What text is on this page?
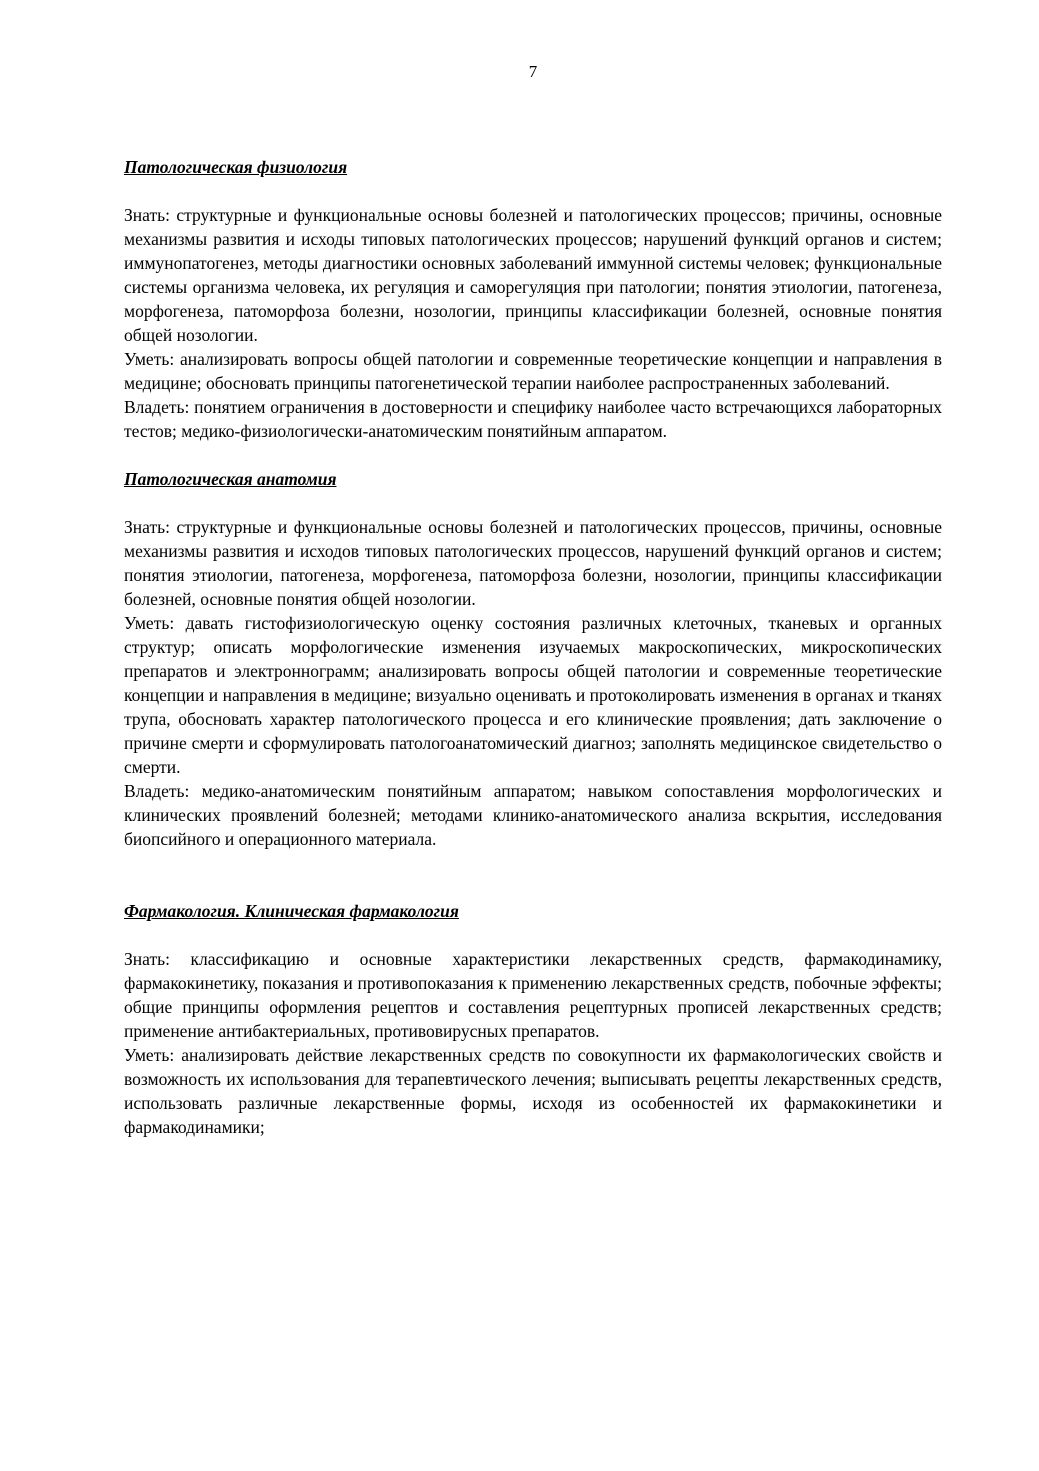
7
Патологическая физиология

Знать: структурные и функциональные основы болезней и патологических процессов; причины, основные механизмы развития и исходы типовых патологических процессов; нарушений функций органов и систем; иммунопатогенез, методы диагностики основных заболеваний иммунной системы человек; функциональные системы организма человека, их регуляция и саморегуляция при патологии; понятия этиологии, патогенеза, морфогенеза, патоморфоза болезни, нозологии, принципы классификации болезней, основные понятия общей нозологии.

Уметь: анализировать вопросы общей патологии и современные теоретические концепции и направления в медицине; обосновать принципы патогенетической терапии наиболее распространенных заболеваний.

Владеть: понятием ограничения в достоверности и специфику наиболее часто встречающихся лабораторных тестов; медико-физиологически-анатомическим понятийным аппаратом.

Патологическая анатомия

Знать: структурные и функциональные основы болезней и патологических процессов, причины, основные механизмы развития и исходов типовых патологических процессов, нарушений функций органов и систем; понятия этиологии, патогенеза, морфогенеза, патоморфоза болезни, нозологии, принципы классификации болезней, основные понятия общей нозологии.

Уметь: давать гистофизиологическую оценку состояния различных клеточных, тканевых и органных структур; описать морфологические изменения изучаемых макроскопических, микроскопических препаратов и электроннограмм; анализировать вопросы общей патологии и современные теоретические концепции и направления в медицине; визуально оценивать и протоколировать изменения в органах и тканях трупа, обосновать характер патологического процесса и его клинические проявления; дать заключение о причине смерти и сформулировать патологоанатомический диагноз; заполнять медицинское свидетельство о смерти.

Владеть: медико-анатомическим понятийным аппаратом; навыком сопоставления морфологических и клинических проявлений болезней; методами клинико-анатомического анализа вскрытия, исследования биопсийного и операционного материала.

Фармакология. Клиническая фармакология

Знать: классификацию и основные характеристики лекарственных средств, фармакодинамику, фармакокинетику, показания и противопоказания к применению лекарственных средств, побочные эффекты; общие принципы оформления рецептов и составления рецептурных прописей лекарственных средств; применение антибактериальных, противовирусных препаратов.

Уметь: анализировать действие лекарственных средств по совокупности их фармакологических свойств и возможность их использования для терапевтического лечения; выписывать рецепты лекарственных средств, использовать различные лекарственные формы, исходя из особенностей их фармакокинетики и фармакодинамики;
